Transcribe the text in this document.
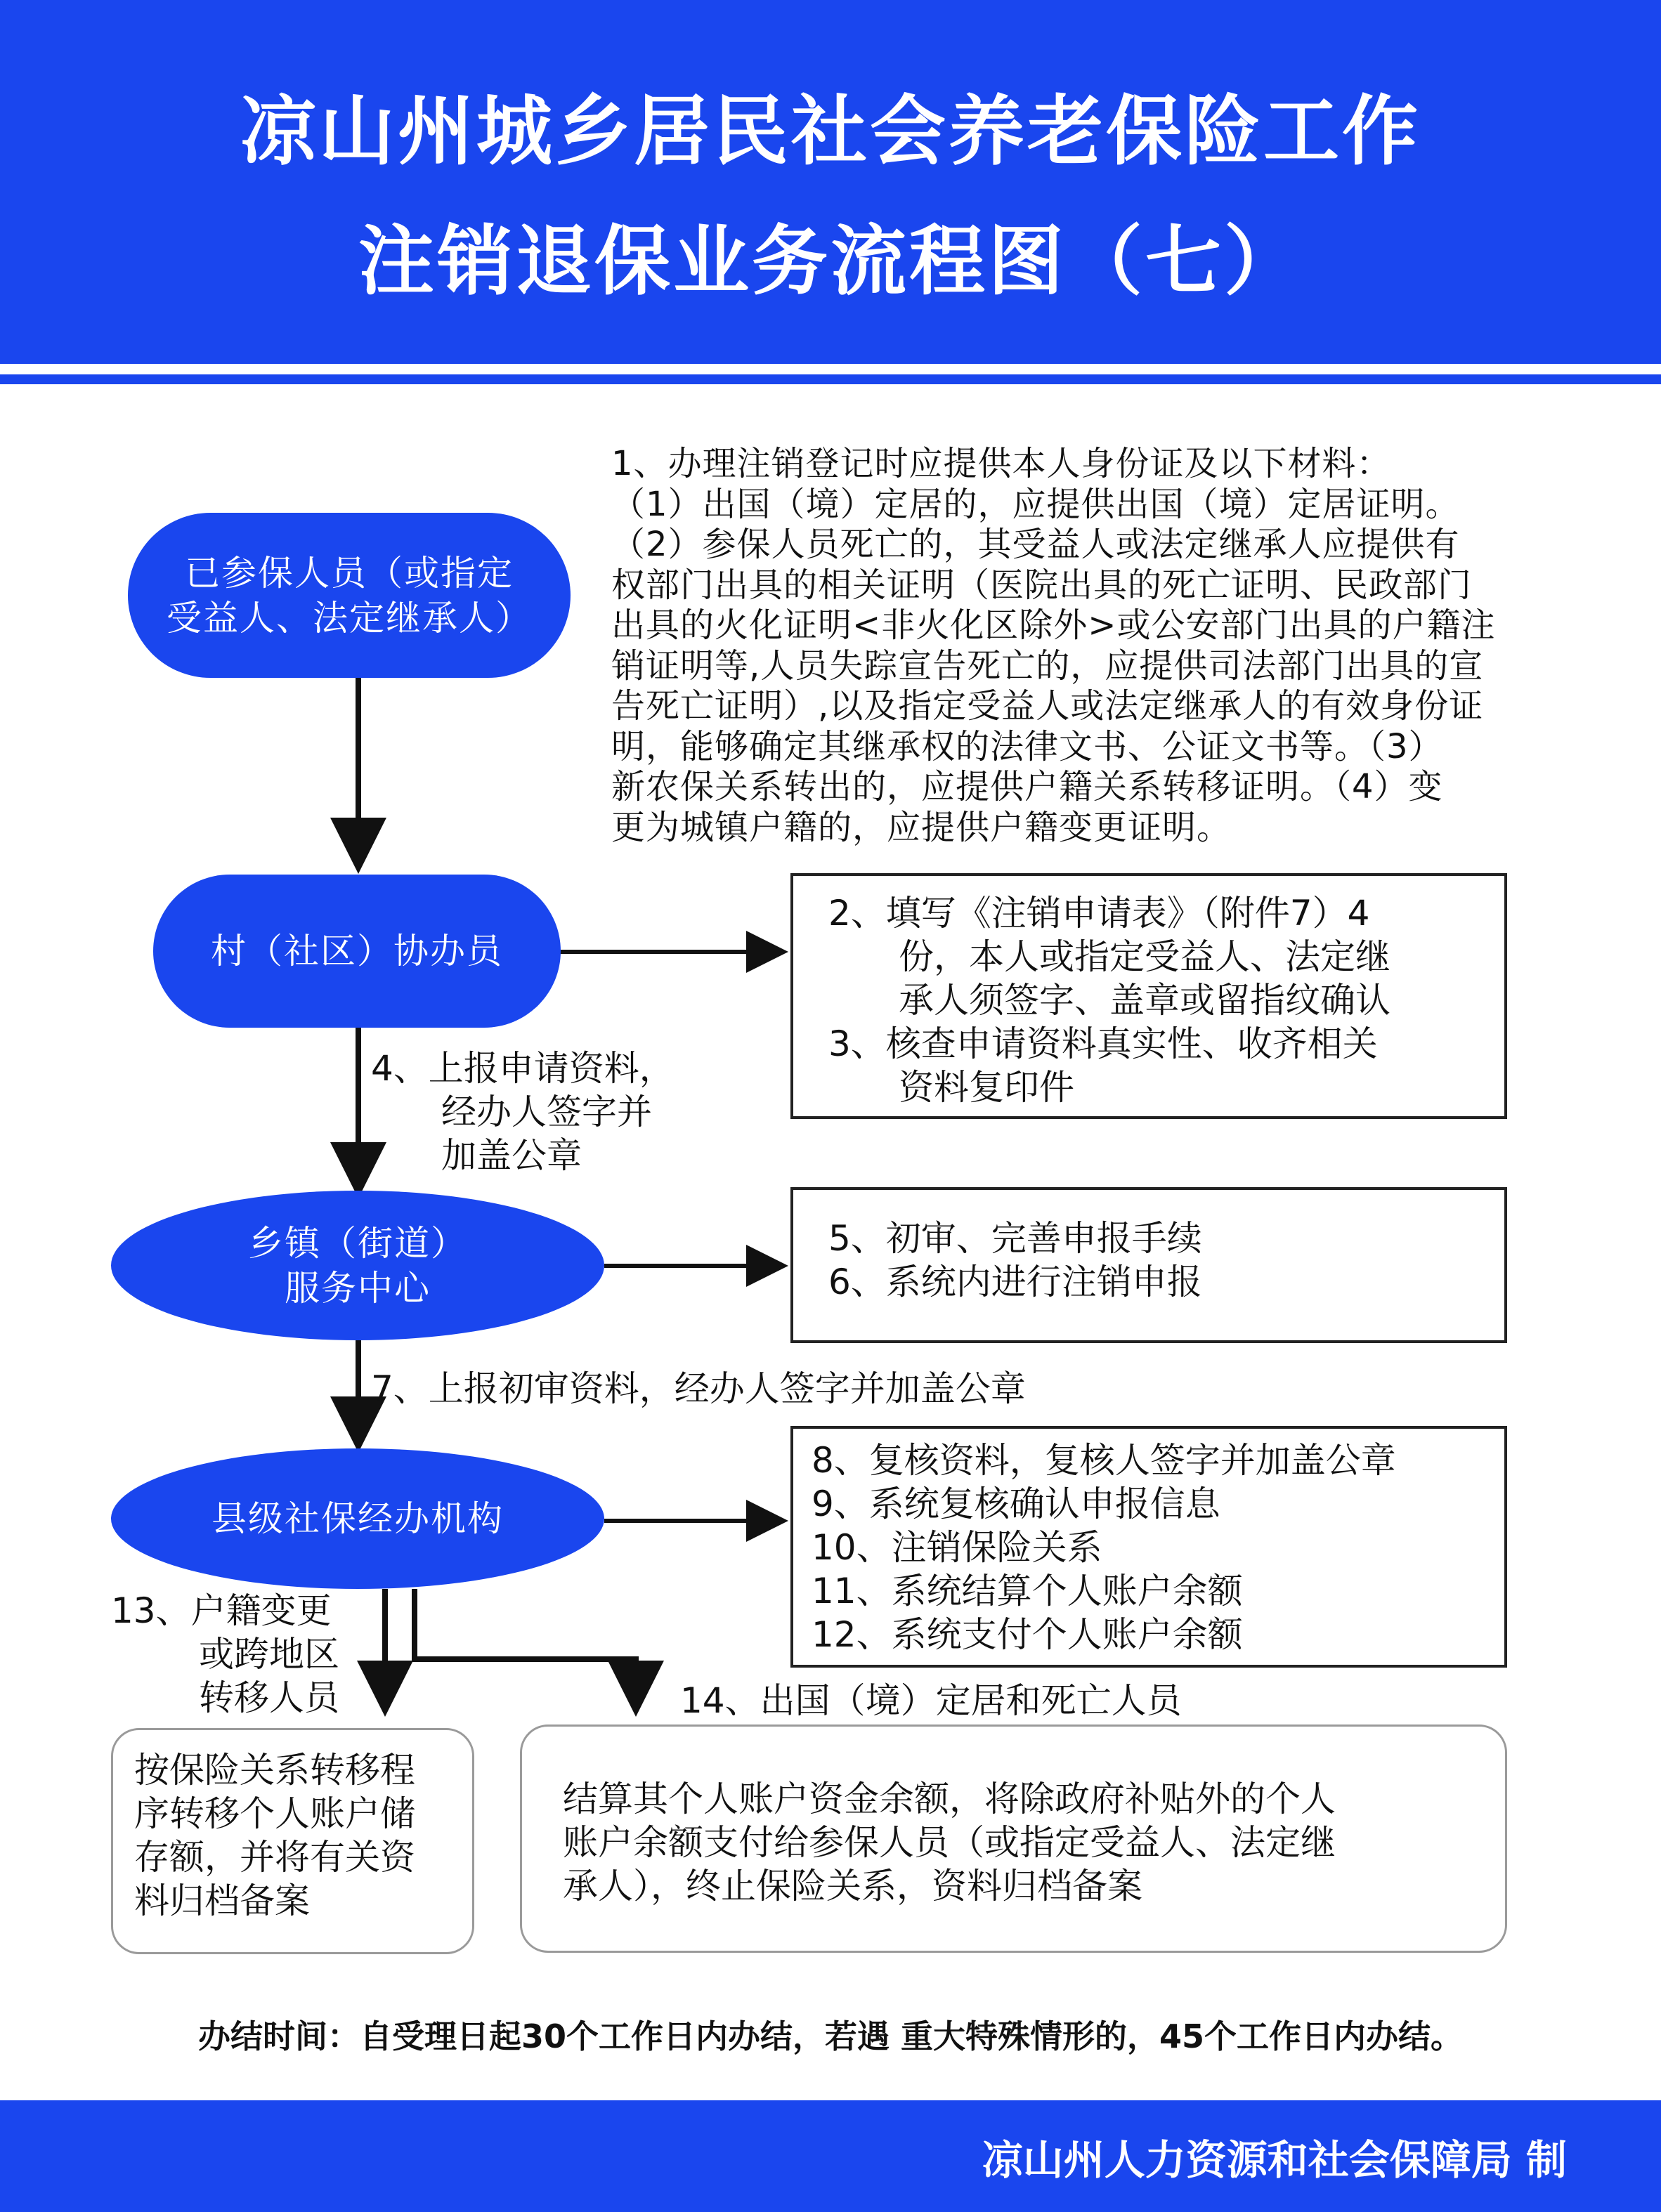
凉山州城乡居民社会养老保险工作
注销退保业务流程图（七）
已参保人员（或指定
受益人、法定继承人）
村（社区）协办员
乡镇（街道）
服务中心
县级社保经办机构
1、办理注销登记时应提供本人身份证及以下材料：
（1）出国（境）定居的，应提供出国（境）定居证明。
（2）参保人员死亡的，其受益人或法定继承人应提供有
权部门出具的相关证明（医院出具的死亡证明、民政部门
出具的火化证明<非火化区除外>或公安部门出具的户籍注
销证明等,人员失踪宣告死亡的，应提供司法部门出具的宣
告死亡证明）,以及指定受益人或法定继承人的有效身份证
明，能够确定其继承权的法律文书、公证文书等。（3）
新农保关系转出的，应提供户籍关系转移证明。（4）变
更为城镇户籍的，应提供户籍变更证明。
2、填写《注销申请表》（附件7）4
份，本人或指定受益人、法定继
承人须签字、盖章或留指纹确认
3、核查申请资料真实性、收齐相关
资料复印件
4、上报申请资料，
经办人签字并
加盖公章
5、初审、完善申报手续
6、系统内进行注销申报
7、上报初审资料，经办人签字并加盖公章
8、复核资料，复核人签字并加盖公章
9、系统复核确认申报信息
10、注销保险关系
11、系统结算个人账户余额
12、系统支付个人账户余额
13、户籍变更
或跨地区
转移人员	14、出国（境）定居和死亡人员
按保险关系转移程
序转移个人账户储
存额，并将有关资
料归档备案
结算其个人账户资金余额，将除政府补贴外的个人
账户余额支付给参保人员（或指定受益人、法定继
承人），终止保险关系，资料归档备案
办结时间：自受理日起30个工作日内办结，若遇 重大特殊情形的，45个工作日内办结。
凉山州人力资源和社会保障局 制
